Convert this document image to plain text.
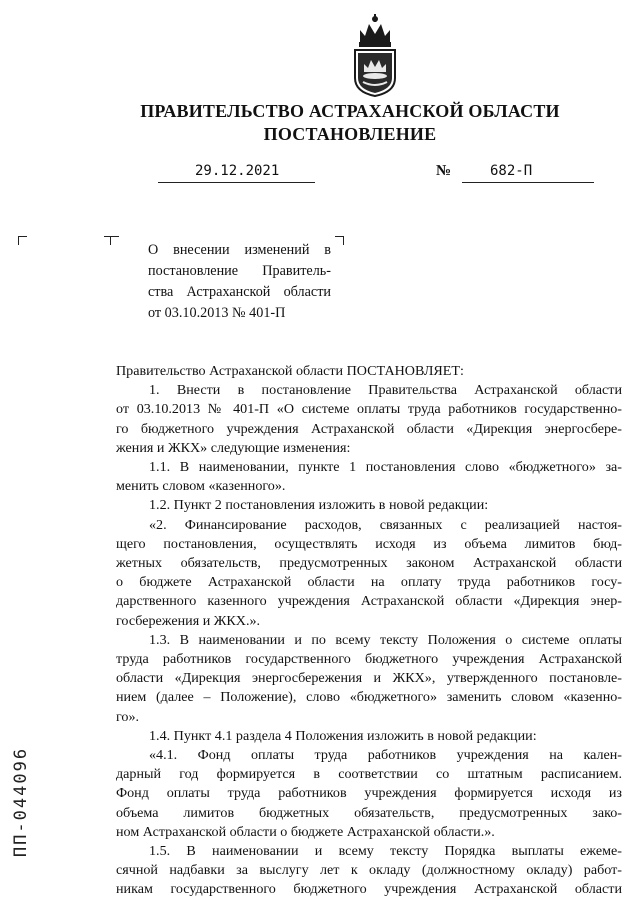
ПРАВИТЕЛЬСТВО АСТРАХАНСКОЙ ОБЛАСТИ
ПОСТАНОВЛЕНИЕ
29.12.2021	№	682-П
О внесении изменений в
постановление Правитель-
ства Астраханской области
от 03.10.2013 № 401-П
Правительство Астраханской области ПОСТАНОВЛЯЕТ:
1. Внести в постановление Правительства Астраханской области
от 03.10.2013 № 401-П «О системе оплаты труда работников государственно-
го бюджетного учреждения Астраханской области «Дирекция энергосбере-
жения и ЖКХ» следующие изменения:
1.1. В наименовании, пункте 1 постановления слово «бюджетного» за-
менить словом «казенного».
1.2. Пункт 2 постановления изложить в новой редакции:
«2. Финансирование расходов, связанных с реализацией настоя-
щего постановления, осуществлять исходя из объема лимитов бюд-
жетных обязательств, предусмотренных законом Астраханской области
о бюджете Астраханской области на оплату труда работников госу-
дарственного казенного учреждения Астраханской области «Дирекция энер-
госбережения и ЖКХ.».
1.3. В наименовании и по всему тексту Положения о системе оплаты
труда работников государственного бюджетного учреждения Астраханской
области «Дирекция энергосбережения и ЖКХ», утвержденного постановле-
нием (далее – Положение), слово «бюджетного» заменить словом «казенно-
го».
1.4. Пункт 4.1 раздела 4 Положения изложить в новой редакции:
«4.1. Фонд оплаты труда работников учреждения на кален-
дарный год формируется в соответствии со штатным расписанием.
Фонд оплаты труда работников учреждения формируется исходя из
объема лимитов бюджетных обязательств, предусмотренных зако-
ном Астраханской области о бюджете Астраханской области.».
1.5. В наименовании и всему тексту Порядка выплаты ежеме-
сячной надбавки за выслугу лет к окладу (должностному окладу) работ-
никам государственного бюджетного учреждения Астраханской области
ПП-044096
